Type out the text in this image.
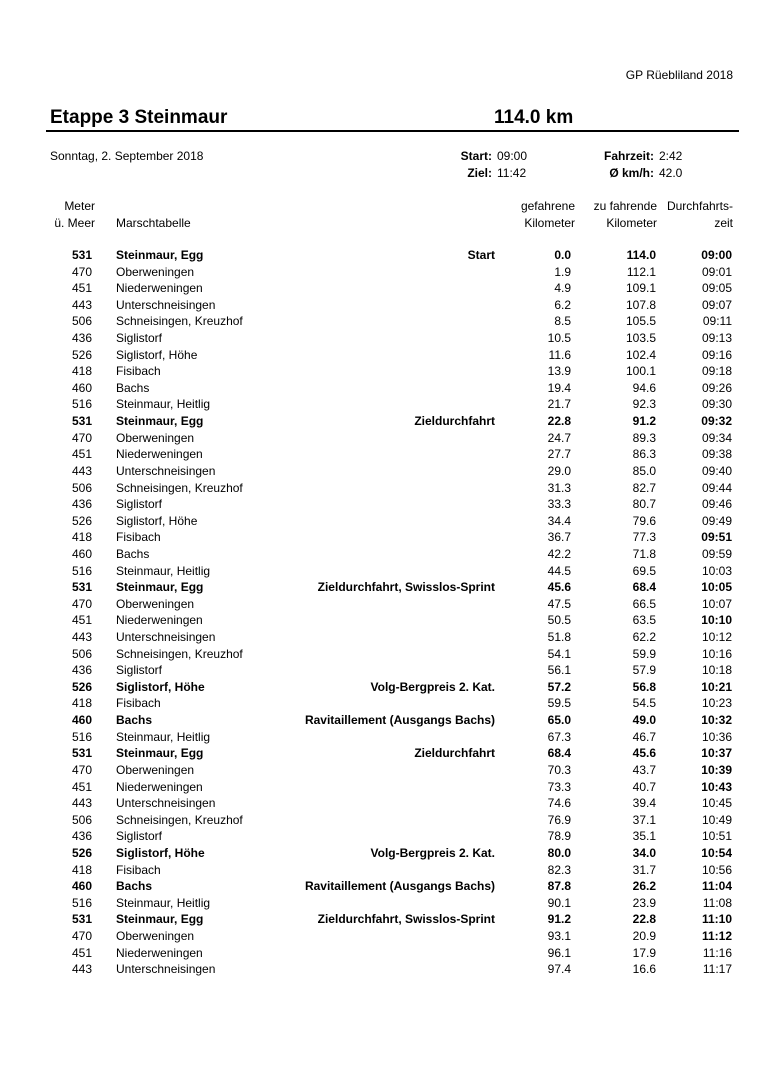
GP Rüebliland 2018
Etappe 3 Steinmaur	114.0 km
Sonntag, 2. September 2018	Start: 09:00
Ziel: 11:42
Fahrzeit: 2:42
Ø km/h: 42.0
Meter
ü. Meer Marschtabelle
gefahrene
Kilometer
zu fahrende
Kilometer
Durchfahrts-
zeit
531 Steinmaur, Egg	Start	0.0	114.0	09:00
470 Oberweningen	1.9	112.1	09:01
451 Niederweningen	4.9	109.1	09:05
443 Unterschneisingen	6.2	107.8	09:07
506 Schneisingen, Kreuzhof	8.5	105.5	09:11
436 Siglistorf	10.5	103.5	09:13
526 Siglistorf, Höhe	11.6	102.4	09:16
418 Fisibach	13.9	100.1	09:18
460 Bachs	19.4	94.6	09:26
516 Steinmaur, Heitlig	21.7	92.3	09:30
531 Steinmaur, Egg	Zieldurchfahrt	22.8	91.2	09:32
470 Oberweningen	24.7	89.3	09:34
451 Niederweningen	27.7	86.3	09:38
443 Unterschneisingen	29.0	85.0	09:40
506 Schneisingen, Kreuzhof	31.3	82.7	09:44
436 Siglistorf	33.3	80.7	09:46
526 Siglistorf, Höhe	34.4	79.6	09:49
418 Fisibach	36.7	77.3	09:51
460 Bachs	42.2	71.8	09:59
516 Steinmaur, Heitlig	44.5	69.5	10:03
531 Steinmaur, Egg	Zieldurchfahrt, Swisslos-Sprint	45.6	68.4	10:05
470 Oberweningen	47.5	66.5	10:07
451 Niederweningen	50.5	63.5	10:10
443 Unterschneisingen	51.8	62.2	10:12
506 Schneisingen, Kreuzhof	54.1	59.9	10:16
436 Siglistorf	56.1	57.9	10:18
526 Siglistorf, Höhe	Volg-Bergpreis 2. Kat.	57.2	56.8	10:21
418 Fisibach	59.5	54.5	10:23
460 Bachs	Ravitaillement (Ausgangs Bachs)	65.0	49.0	10:32
516 Steinmaur, Heitlig	67.3	46.7	10:36
531 Steinmaur, Egg	Zieldurchfahrt	68.4	45.6	10:37
470 Oberweningen	70.3	43.7	10:39
451 Niederweningen	73.3	40.7	10:43
443 Unterschneisingen	74.6	39.4	10:45
506 Schneisingen, Kreuzhof	76.9	37.1	10:49
436 Siglistorf	78.9	35.1	10:51
526 Siglistorf, Höhe	Volg-Bergpreis 2. Kat.	80.0	34.0	10:54
418 Fisibach	82.3	31.7	10:56
460 Bachs	Ravitaillement (Ausgangs Bachs)	87.8	26.2	11:04
516 Steinmaur, Heitlig	90.1	23.9	11:08
531 Steinmaur, Egg	Zieldurchfahrt, Swisslos-Sprint	91.2	22.8	11:10
470 Oberweningen	93.1	20.9	11:12
451 Niederweningen	96.1	17.9	11:16
443 Unterschneisingen	97.4	16.6	11:17
